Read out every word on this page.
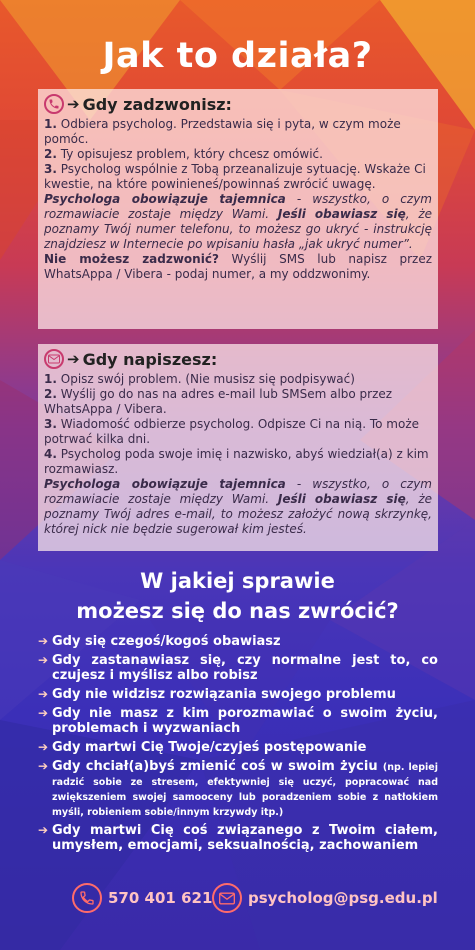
Jak to działa?
➔ Gdy zadzwonisz:

1. Odbiera psycholog. Przedstawia się i pyta, w czym może pomóc.

2. Ty opisujesz problem, który chcesz omówić.

3. Psycholog wspólnie z Tobą przeanalizuje sytuację. Wskaże Ci kwestie, na które powinieneś/powinnaś zwrócić uwagę.

Psychologa obowiązuje tajemnica - wszystko, o czym rozmawiacie zostaje między Wami. Jeśli obawiasz się, że poznamy Twój numer telefonu, to możesz go ukryć - instrukcję znajdziesz w Internecie po wpisaniu hasła „jak ukryć numer”.

Nie możesz zadzwonić? Wyślij SMS lub napisz przez WhatsAppa / Vibera - podaj numer, a my oddzwonimy.

➔ Gdy napiszesz:

1. Opisz swój problem. (Nie musisz się podpisywać)

2. Wyślij go do nas na adres e-mail lub SMSem albo przez WhatsAppa / Vibera.

3. Wiadomość odbierze psycholog. Odpisze Ci na nią. To może potrwać kilka dni.

4. Psycholog poda swoje imię i nazwisko, abyś wiedział(a) z kim rozmawiasz.

Psychologa obowiązuje tajemnica - wszystko, o czym rozmawiacie zostaje między Wami. Jeśli obawiasz się, że poznamy Twój adres e-mail, to możesz założyć nową skrzynkę, której nick nie będzie sugerował kim jesteś.

W jakiej sprawie
możesz się do nas zwrócić?
➔ Gdy się czegoś/kogoś obawiasz
➔ Gdy zastanawiasz się, czy normalne jest to, co czujesz i myślisz albo robisz
➔ Gdy nie widzisz rozwiązania swojego problemu
➔ Gdy nie masz z kim porozmawiać o swoim życiu, problemach i wyzwaniach
➔ Gdy martwi Cię Twoje/czyjeś postępowanie
➔ Gdy chciał(a)byś zmienić coś w swoim życiu (np. lepiej radzić sobie ze stresem, efektywniej się uczyć, popracować nad zwiększeniem swojej samooceny lub poradzeniem sobie z natłokiem myśli, robieniem sobie/innym krzywdy itp.)
➔ Gdy martwi Cię coś związanego z Twoim ciałem, umysłem, emocjami, seksualnością, zachowaniem
570 401 621 psycholog@psg.edu.pl
